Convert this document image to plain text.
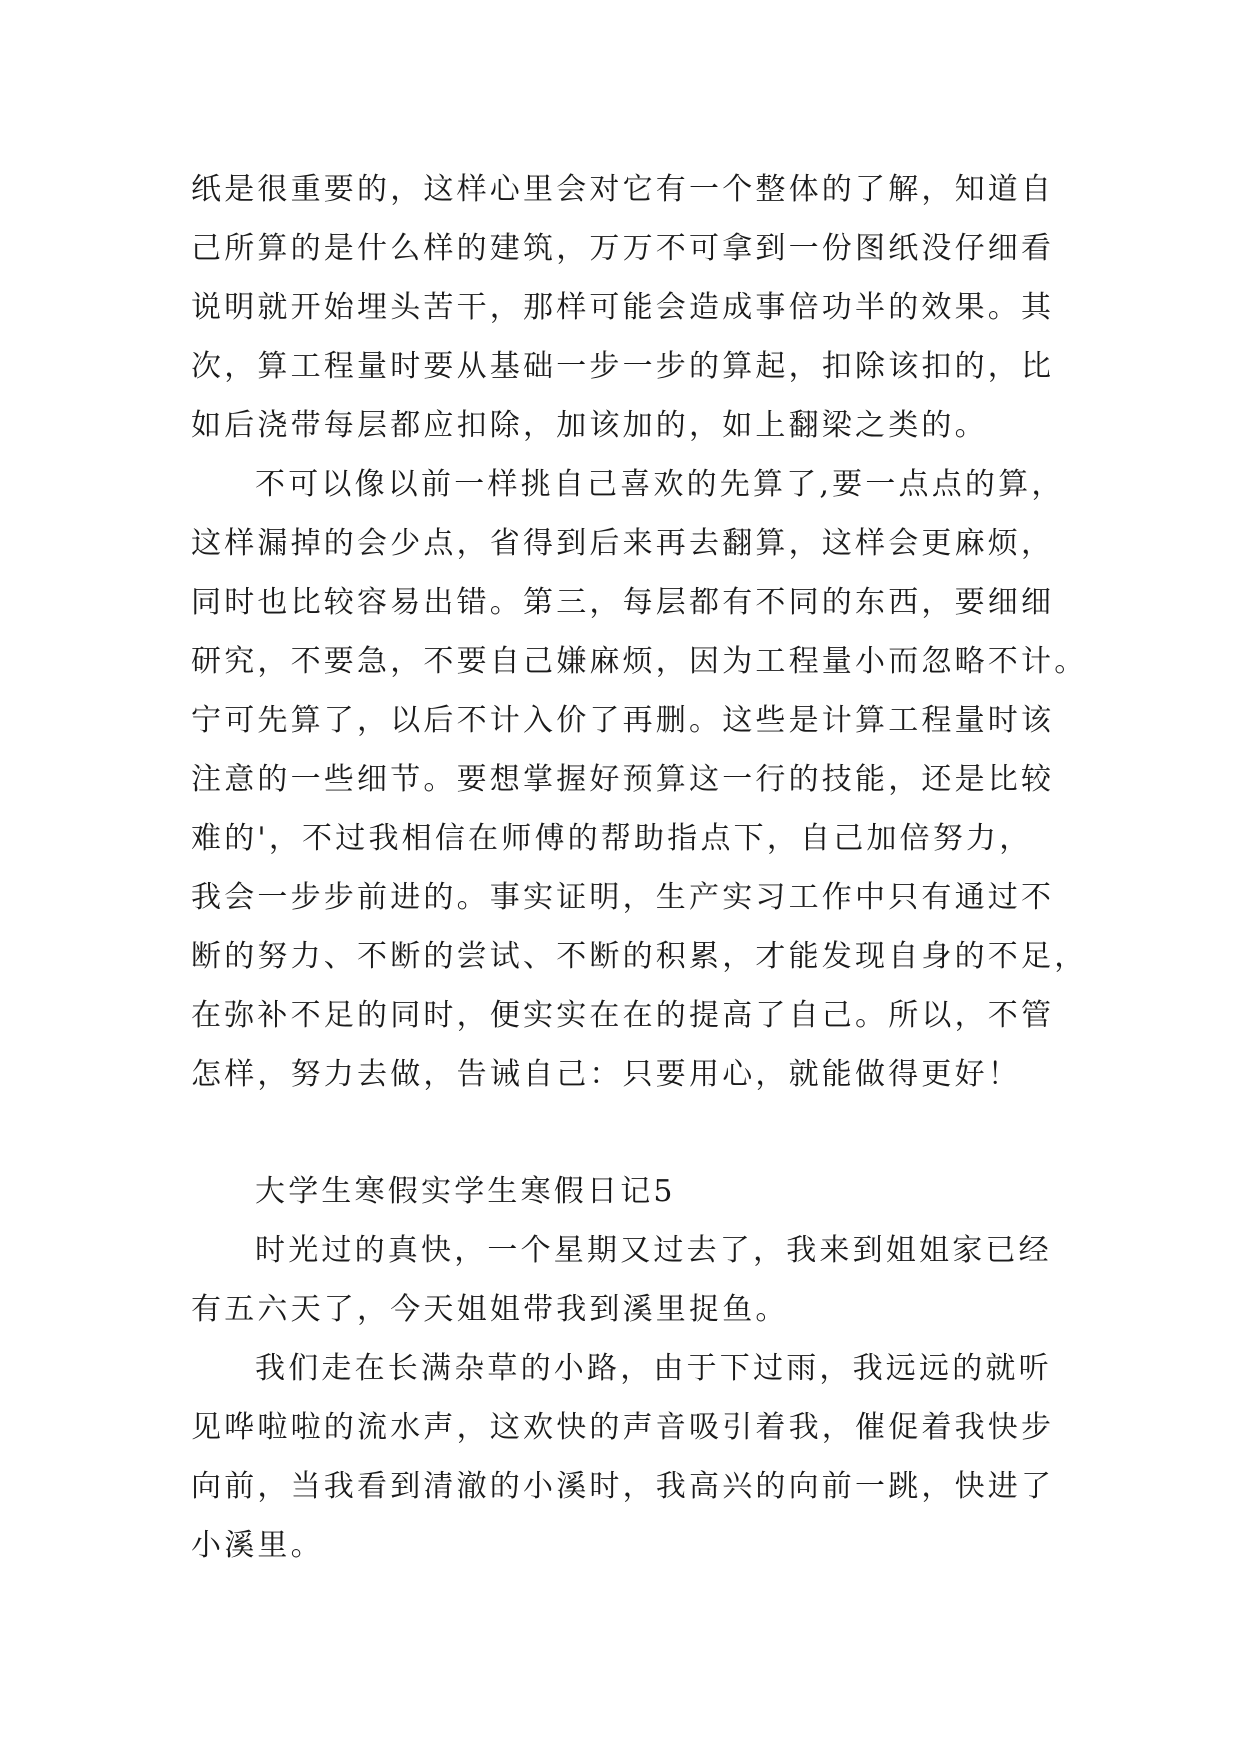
纸是很重要的，这样心里会对它有一个整体的了解，知道自
己所算的是什么样的建筑，万万不可拿到一份图纸没仔细看
说明就开始埋头苦干，那样可能会造成事倍功半的效果。其
次，算工程量时要从基础一步一步的算起，扣除该扣的，比
如后浇带每层都应扣除，加该加的，如上翻梁之类的。
不可以像以前一样挑自己喜欢的先算了,要一点点的算，
这样漏掉的会少点，省得到后来再去翻算，这样会更麻烦，
同时也比较容易出错。第三，每层都有不同的东西，要细细
研究，不要急，不要自己嫌麻烦，因为工程量小而忽略不计。
宁可先算了，以后不计入价了再删。这些是计算工程量时该
注意的一些细节。要想掌握好预算这一行的技能，还是比较
难的'，不过我相信在师傅的帮助指点下，自己加倍努力，
我会一步步前进的。事实证明，生产实习工作中只有通过不
断的努力、不断的尝试、不断的积累，才能发现自身的不足，
在弥补不足的同时，便实实在在的提高了自己。所以，不管
怎样，努力去做，告诫自己：只要用心，就能做得更好！
大学生寒假实学生寒假日记5
时光过的真快，一个星期又过去了，我来到姐姐家已经
有五六天了，今天姐姐带我到溪里捉鱼。
我们走在长满杂草的小路，由于下过雨，我远远的就听
见哗啦啦的流水声，这欢快的声音吸引着我，催促着我快步
向前，当我看到清澈的小溪时，我高兴的向前一跳，快进了
小溪里。
